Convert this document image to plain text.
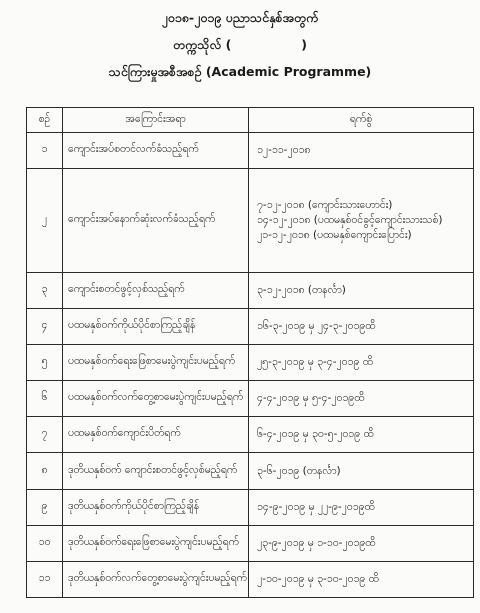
၂၀၁၈-၂၀၁၉ ပညာသင်နှစ်အတွက်
တက္ကသိုလ် (	)
သင်ကြားမှုအစီအစဉ် (Academic Programme)
စဉ်	အကြောင်းအရာ	ရက်စွဲ
၁	ကျောင်းအပ်စတင်လက်ခံသည့်ရက်	၁၂-၁၁-၂၀၁၈

၂	ကျောင်းအပ်နောက်ဆုံးလက်ခံသည့်ရက်	၇-၁၂-၂၀၁၈ (ကျောင်းသားဟောင်း)
၁၄-၁၂-၂၀၁၈ (ပထမနှစ်ဝင်ခွင့်ကျောင်းသားသစ်)
၂၁-၁၂-၂၀၁၈ (ပထမနှစ်ကျောင်းပြောင်း)

၃	ကျောင်းစတင်ဖွင့်လှစ်သည့်ရက်	၃-၁၂-၂၀၁၈ (တနင်္လာ)

၄	ပထမနှစ်ဝက်ကိုယ်ပိုင်စာကြည့်ချိန်	၁၆-၃-၂၀၁၉ မှ ၂၄-၃-၂၀၁၉ထိ

၅	ပထမနှစ်ဝက်ရေးဖြေစာမေးပွဲကျင်းပမည့်ရက်	၂၅-၃-၂၀၁၉ မှ ၃-၄-၂၀၁၉ ထိ

၆	ပထမနှစ်ဝက်လက်တွေ့စာမေးပွဲကျင်းပမည့်ရက်	၄-၄-၂၀၁၉ မှ ၅-၄-၂၀၁၉ထိ

၇	ပထမနှစ်ဝက်ကျောင်းပိတ်ရက်	၆-၄-၂၀၁၉ မှ ၃၀-၅-၂၀၁၉ ထိ

၈	ဒုတိယနှစ်ဝက် ကျောင်းစတင်ဖွင့်လှစ်မည့်ရက်	၃-၆-၂၀၁၉ (တနင်္လာ)

၉	ဒုတိယနှစ်ဝက်ကိုယ်ပိုင်စာကြည့်ချိန်	၁၄-၉-၂၀၁၉ မှ ၂၂-၉-၂၀၁၉ထိ

၁၀	ဒုတိယနှစ်ဝက်ရေးဖြေစာမေးပွဲကျင်းပမည့်ရက်	၂၃-၉-၂၀၁၉ မှ ၁-၁၀-၂၀၁၉ထိ

၁၁	ဒုတိယနှစ်ဝက်လက်တွေ့စာမေးပွဲကျင်းပမည့်ရက်	၂-၁၀-၂၀၁၉ မှ ၃-၁၀-၂၀၁၉ ထိ
